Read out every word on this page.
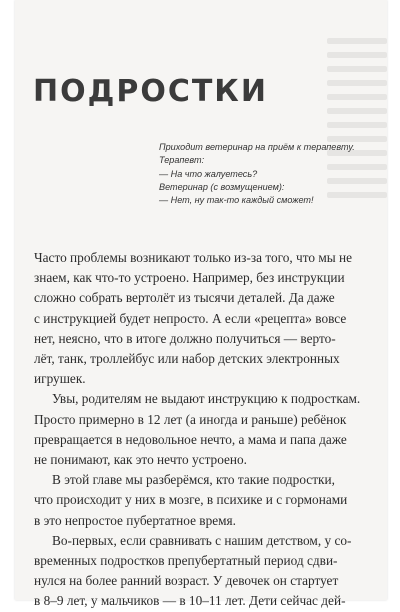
ПОДРОСТКИ
Приходит ветеринар на приём к терапевту.
Терапевт:
— На что жалуетесь?
Ветеринар (с возмущением):
— Нет, ну так-то каждый сможет!
Часто проблемы возникают только из-за того, что мы не
знаем, как что-то устроено. Например, без инструкции
сложно собрать вертолёт из тысячи деталей. Да даже
с инструкцией будет непросто. А если «рецепта» вовсе
нет, неясно, что в итоге должно получиться — верто-
лёт, танк, троллейбус или набор детских электронных
игрушек.
Увы, родителям не выдают инструкцию к подросткам.
Просто примерно в 12 лет (а иногда и раньше) ребёнок
превращается в недовольное нечто, а мама и папа даже
не понимают, как это нечто устроено.
В этой главе мы разберёмся, кто такие подростки,
что происходит у них в мозге, в психике и с гормонами
в это непростое пубертатное время.
Во-первых, если сравнивать с нашим детством, у со-
временных подростков препубертатный период сдви-
нулся на более ранний возраст. У девочек он стартует
в 8–9 лет, у мальчиков — в 10–11 лет. Дети сейчас дей-
